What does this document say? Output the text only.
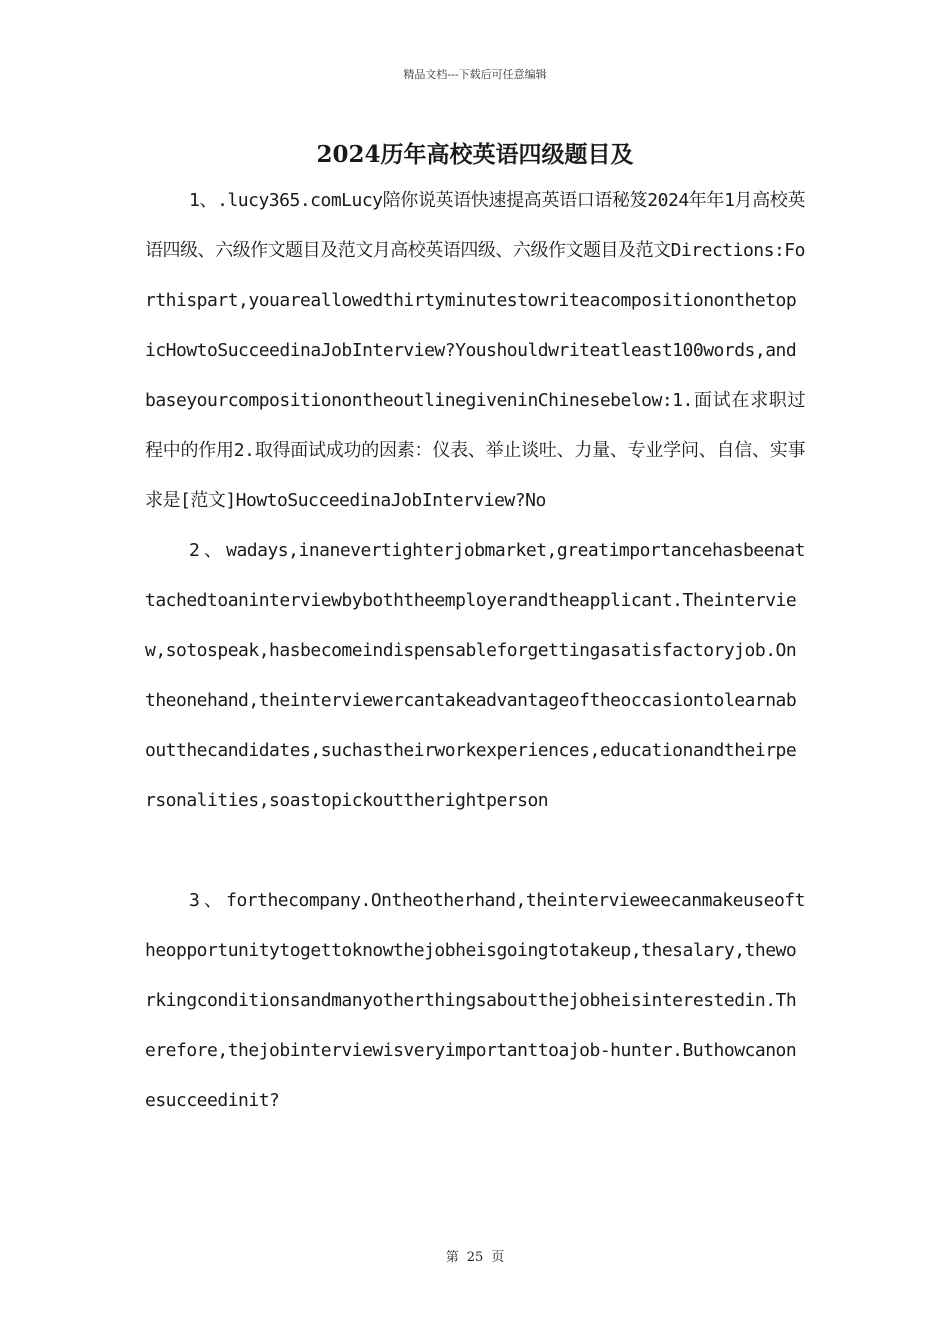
精品文档---下载后可任意编辑
2024历年高校英语四级题目及

1、.lucy365.comLucy陪你说英语快速提高英语口语秘笈2024年年1月高校英语四级、六级作文题目及范文月高校英语四级、六级作文题目及范文Directions:Forthispart,youareallowedthirtyminutestowriteacompositiononthetopicHowtoSucceedinaJobInterview?Youshouldwriteatleast100words,andbaseyourcompositionontheoutlinegiveninChinesebelow:1.面试在求职过程中的作用2.取得面试成功的因素：仪表、举止谈吐、力量、专业学问、自信、实事求是[范文]HowtoSucceedinaJobInterview?No

2、wadays,inanevertighterjobmarket,greatimportancehasbeenattachedtoaninterviewbyboththeemployerandtheapplicant.Theinterview,sotospeak,hasbecomeindispensableforgettingasatisfactoryjob.Ontheonehand,theinterviewercantakeadvantageoftheoccasiontolearnaboutthecandidates,suchastheirworkexperiences,educationandtheirpersonalities,soastopickouttherightperson

3、forthecompany.Ontheotherhand,theintervieweecanmakeuseoftheopportunitytogettoknowthejobheisgoingtotakeup,thesalary,theworkingconditionsandmanyotherthingsaboutthejobheisinterestedin.Therefore,thejobinterviewisveryimportanttoajob-hunter.Buthowcanonesucceedinit?

第 25 页
